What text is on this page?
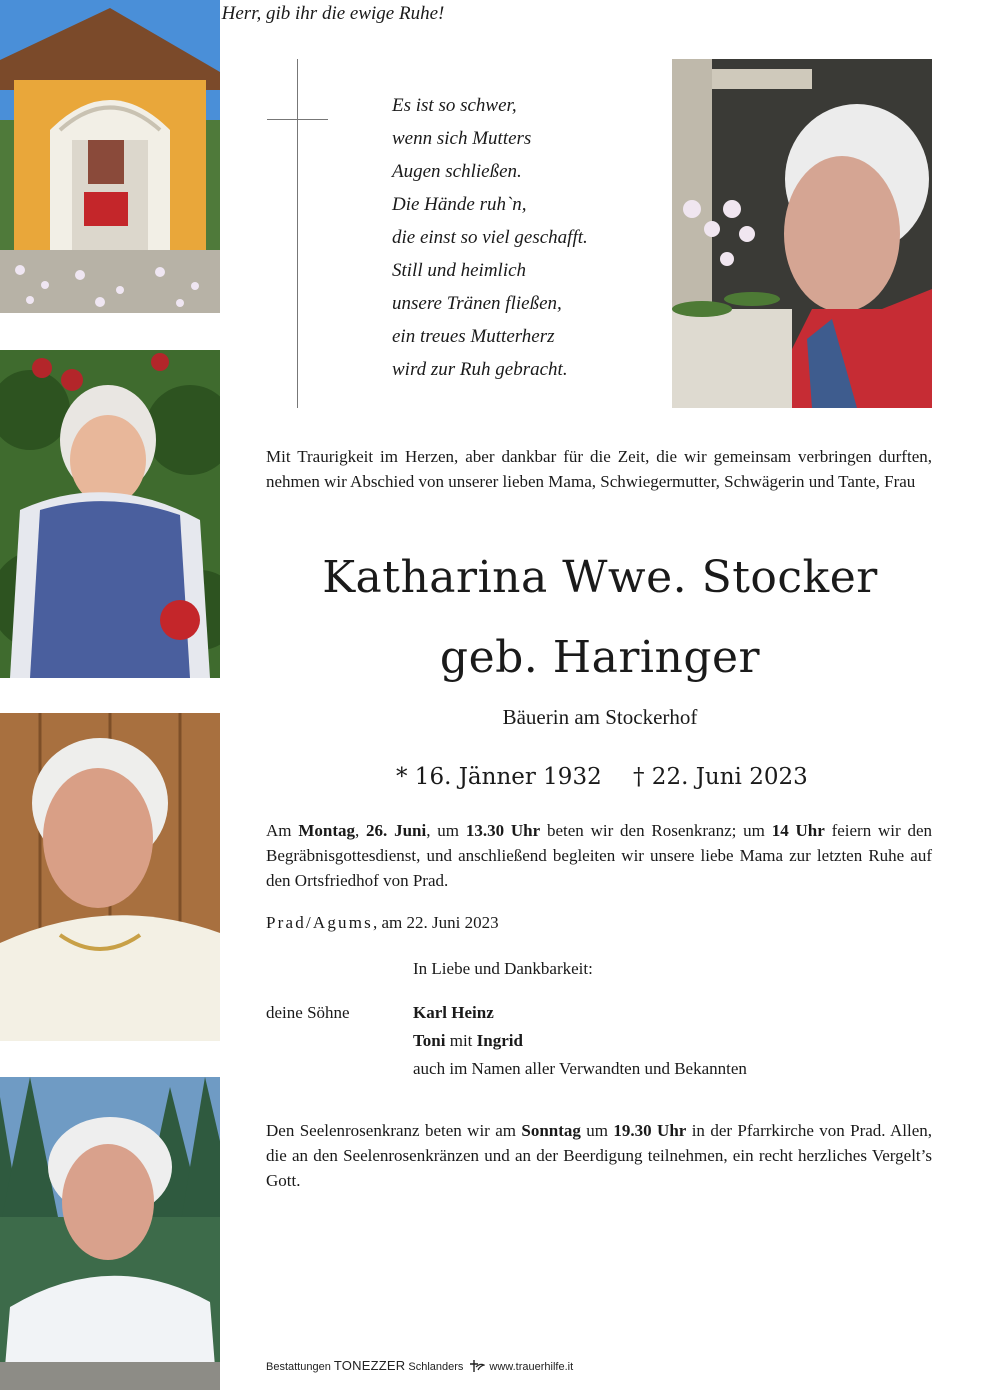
Es ist so schwer,
wenn sich Mutters
Augen schließen.
Die Hände ruh`n,
die einst so viel geschafft.
Still und heimlich
unsere Tränen fließen,
ein treues Mutterherz
wird zur Ruh gebracht.
Mit Traurigkeit im Herzen, aber dankbar für die Zeit, die wir gemeinsam verbringen durften, nehmen wir Abschied von unserer lieben Mama, Schwiegermutter, Schwägerin und Tante, Frau
Katharina Wwe. Stocker
geb. Haringer
Bäuerin am Stockerhof
* 16. Jänner 1932 † 22. Juni 2023
Am Montag, 26. Juni, um 13.30 Uhr beten wir den Rosenkranz; um 14 Uhr feiern wir den Begräbnisgottesdienst, und anschließend begleiten wir unsere liebe Mama zur letzten Ruhe auf den Ortsfriedhof von Prad.
Prad/Agums, am 22. Juni 2023
In Liebe und Dankbarkeit:
deine Söhne	Karl Heinz
Toni mit Ingrid
auch im Namen aller Verwandten und Bekannten
Den Seelenrosenkranz beten wir am Sonntag um 19.30 Uhr in der Pfarrkirche von Prad. Allen, die an den Seelenrosenkränzen und an der Beerdigung teilnehmen, ein recht herzliches Vergelt’s Gott.
Herr, gib ihr die ewige Ruhe!
Bestattungen TONEZZER Schlanders www.trauerhilfe.it
